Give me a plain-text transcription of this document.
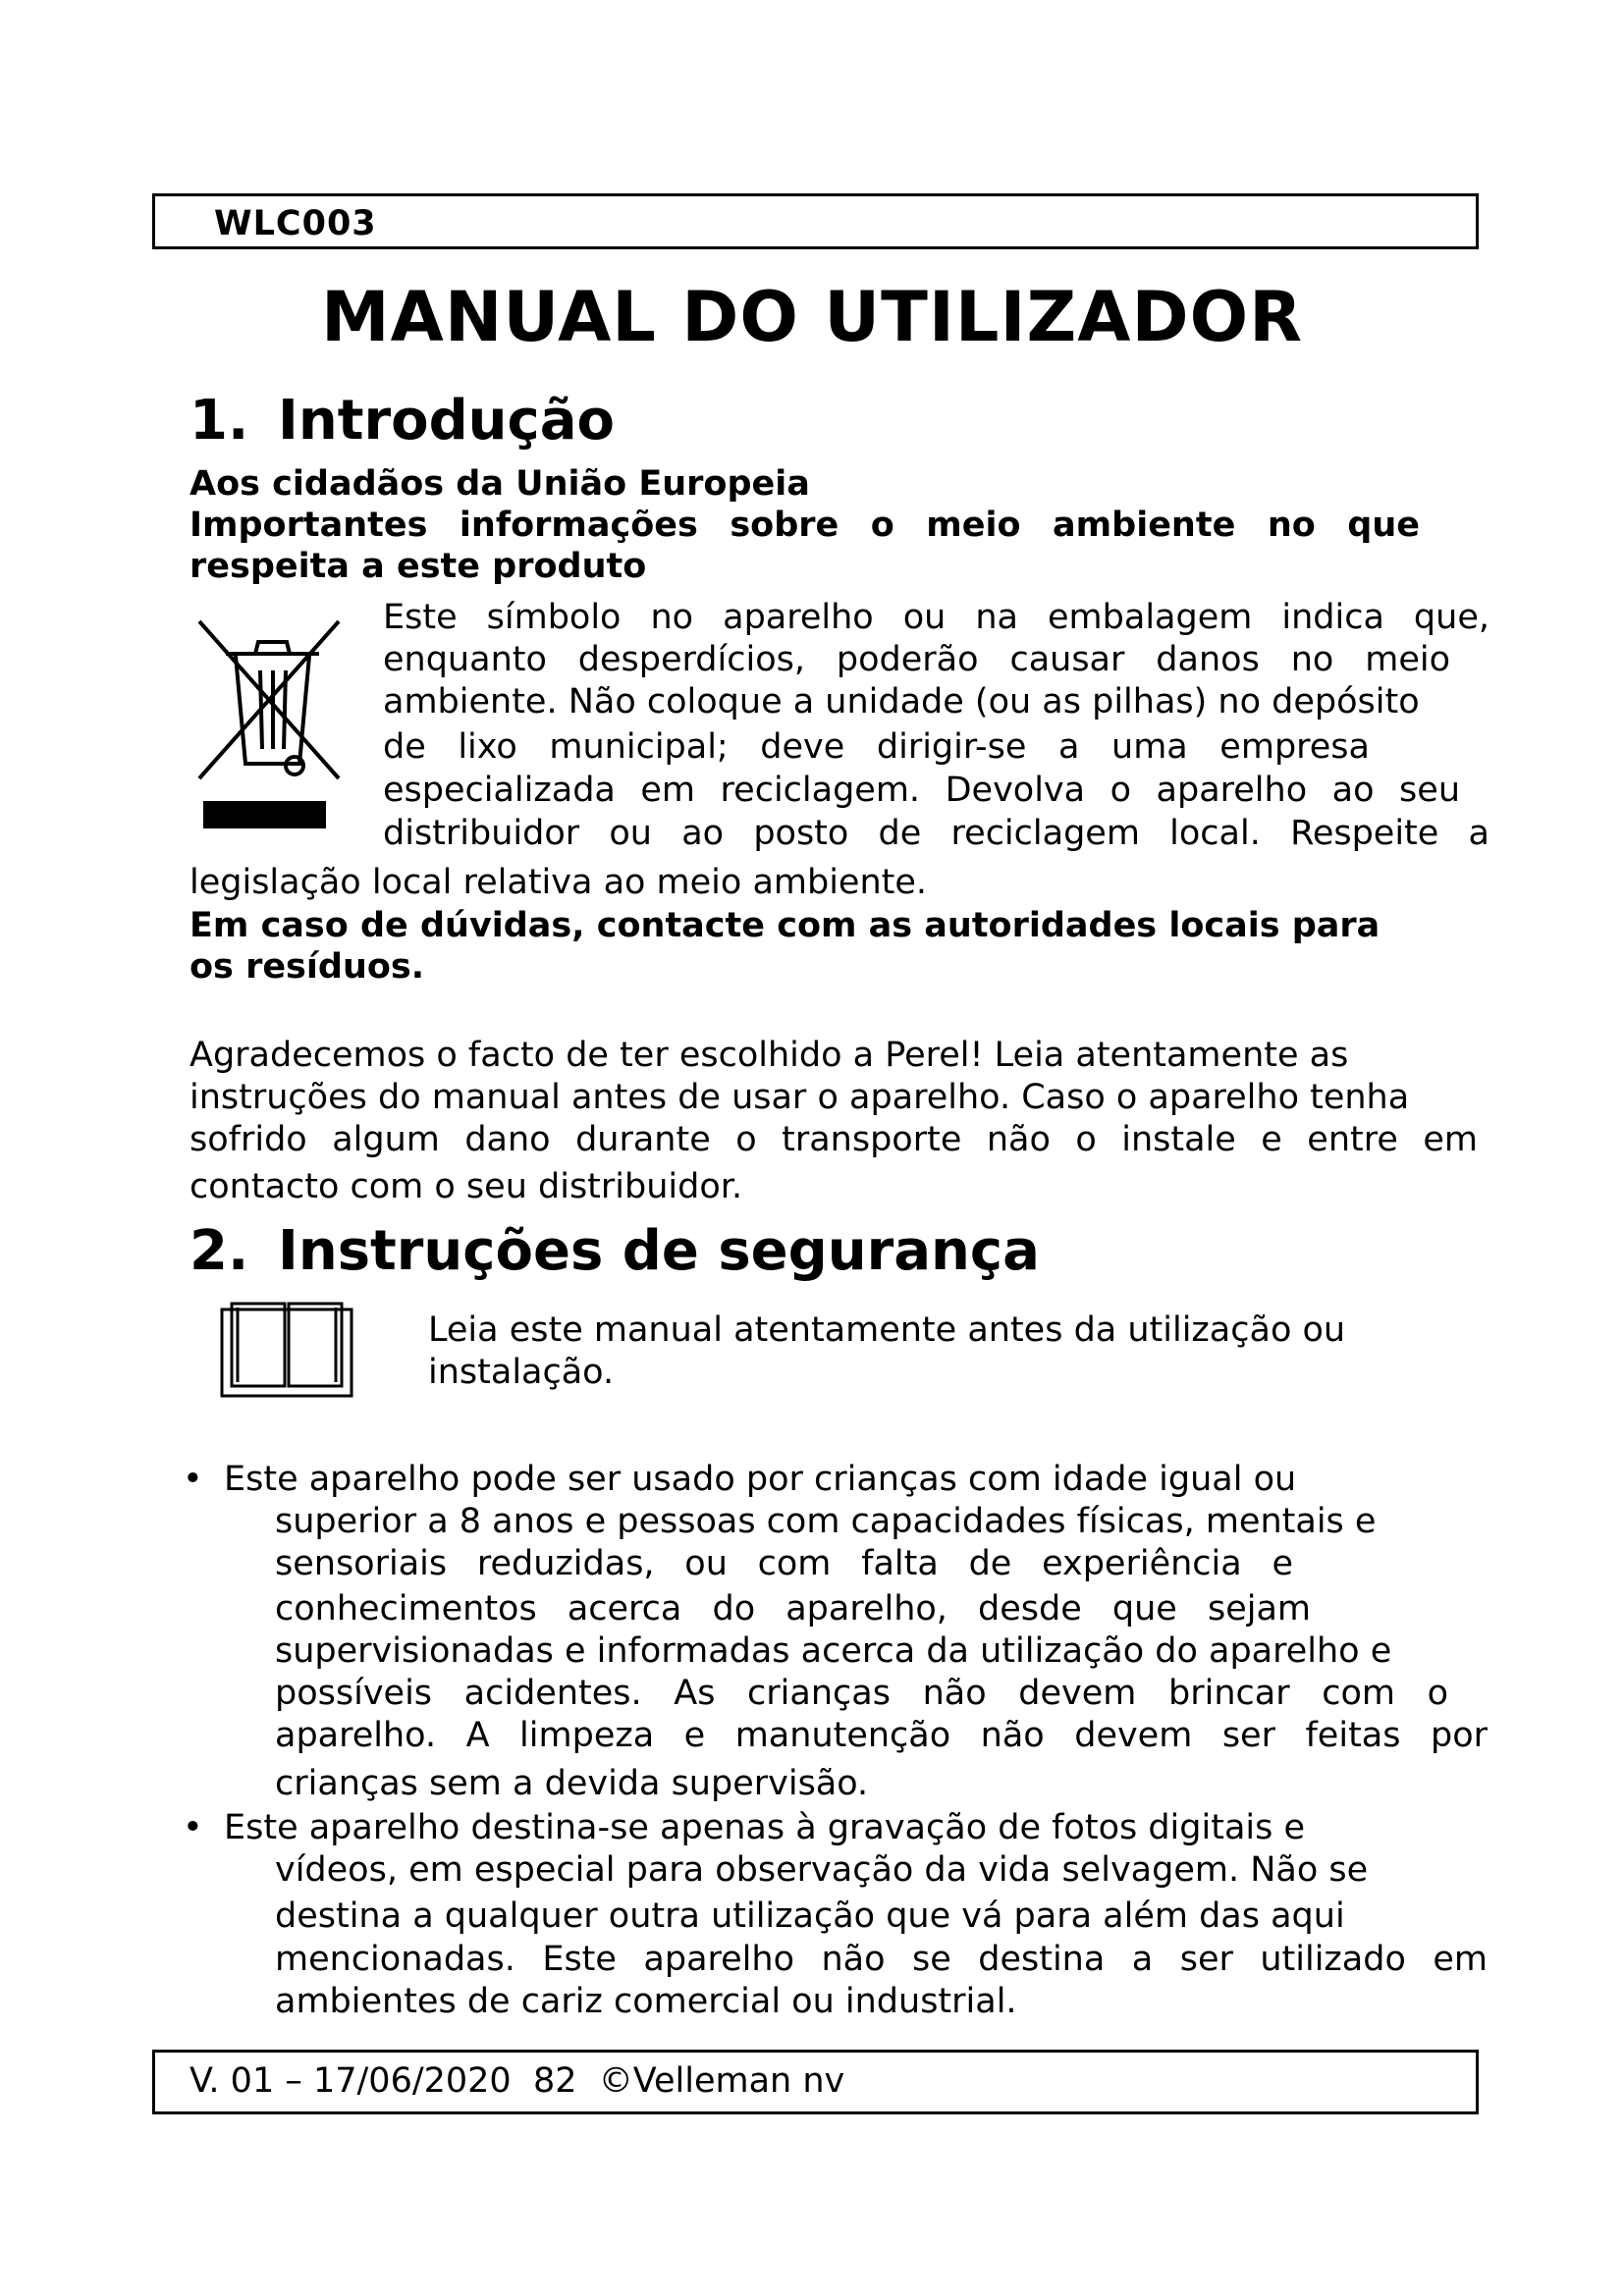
WLC003
MANUAL DO UTILIZADOR
1. Introdução
Aos cidadãos da União Europeia
Importantes informações sobre o meio ambiente no que
respeita a este produto
Este símbolo no aparelho ou na embalagem indica que,
enquanto desperdícios, poderão causar danos no meio
ambiente. Não coloque a unidade (ou as pilhas) no depósito
de lixo municipal; deve dirigir-se a uma empresa
especializada em reciclagem. Devolva o aparelho ao seu
distribuidor ou ao posto de reciclagem local. Respeite a
legislação local relativa ao meio ambiente.
Em caso de dúvidas, contacte com as autoridades locais para
os resíduos.
Agradecemos o facto de ter escolhido a Perel! Leia atentamente as
instruções do manual antes de usar o aparelho. Caso o aparelho tenha
sofrido algum dano durante o transporte não o instale e entre em
contacto com o seu distribuidor.
2. Instruções de segurança
Leia este manual atentamente antes da utilização ou
instalação.
• Este aparelho pode ser usado por crianças com idade igual ou
superior a 8 anos e pessoas com capacidades físicas, mentais e
sensoriais reduzidas, ou com falta de experiência e
conhecimentos acerca do aparelho, desde que sejam
supervisionadas e informadas acerca da utilização do aparelho e
possíveis acidentes. As crianças não devem brincar com o
aparelho. A limpeza e manutenção não devem ser feitas por
crianças sem a devida supervisão.
• Este aparelho destina-se apenas à gravação de fotos digitais e
vídeos, em especial para observação da vida selvagem. Não se
destina a qualquer outra utilização que vá para além das aqui
mencionadas. Este aparelho não se destina a ser utilizado em
ambientes de cariz comercial ou industrial.
V. 01 – 17/06/2020  82  ©Velleman nv
